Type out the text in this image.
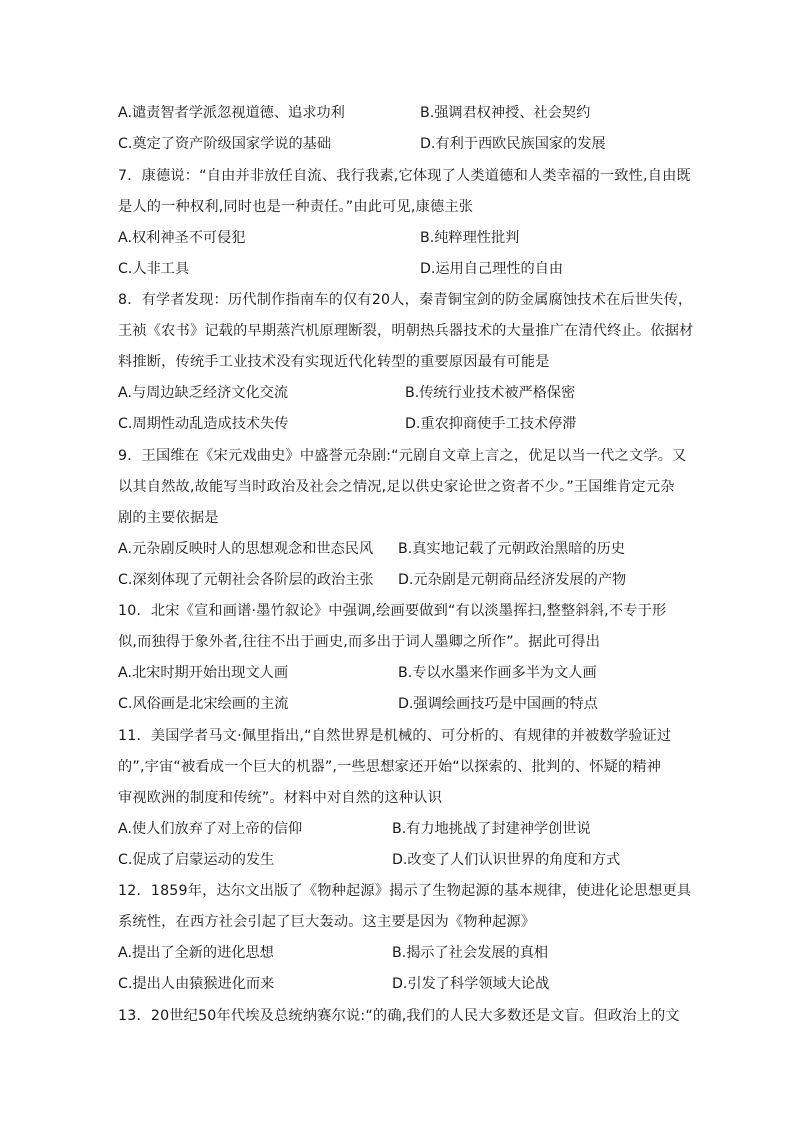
A.谴责智者学派忽视道德、追求功利	B.强调君权神授、社会契约
C.奠定了资产阶级国家学说的基础	D.有利于西欧民族国家的发展
7．康德说：“自由并非放任自流、我行我素,它体现了人类道德和人类幸福的一致性,自由既
是人的一种权利,同时也是一种责任。”由此可见,康德主张
A.权利神圣不可侵犯	B.纯粹理性批判
C.人非工具	D.运用自己理性的自由
8．有学者发现：历代制作指南车的仅有20人，秦青铜宝剑的防金属腐蚀技术在后世失传，
王祯《农书》记载的早期蒸汽机原理断裂，明朝热兵器技术的大量推广在清代终止。依据材
料推断，传统手工业技术没有实现近代化转型的重要原因最有可能是
A.与周边缺乏经济文化交流	B.传统行业技术被严格保密
C.周期性动乱造成技术失传	D.重农抑商使手工技术停滞
9．王国维在《宋元戏曲史》中盛誉元杂剧:“元剧自文章上言之，优足以当一代之文学。又
以其自然故,故能写当时政治及社会之情况,足以供史家论世之资者不少。”王国维肯定元杂
剧的主要依据是
A.元杂剧反映时人的思想观念和世态民风 B.真实地记载了元朝政治黑暗的历史
C.深刻体现了元朝社会各阶层的政治主张 D.元杂剧是元朝商品经济发展的产物
10．北宋《宣和画谱·墨竹叙论》中强调,绘画要做到“有以淡墨挥扫,整整斜斜,不专于形
似,而独得于象外者,往往不出于画史,而多出于词人墨卿之所作”。据此可得出
A.北宋时期开始出现文人画	B.专以水墨来作画多半为文人画
C.风俗画是北宋绘画的主流	D.强调绘画技巧是中国画的特点
11．美国学者马文·佩里指出,“自然世界是机械的、可分析的、有规律的并被数学验证过
的”,宇宙“被看成一个巨大的机器”,一些思想家还开始“以探索的、批判的、怀疑的精神
审视欧洲的制度和传统”。材料中对自然的这种认识
A.使人们放弃了对上帝的信仰	B.有力地挑战了封建神学创世说
C.促成了启蒙运动的发生	D.改变了人们认识世界的角度和方式
12．1859年，达尔文出版了《物种起源》揭示了生物起源的基本规律，使进化论思想更具
系统性，在西方社会引起了巨大轰动。这主要是因为《物种起源》
A.提出了全新的进化思想	B.揭示了社会发展的真相
C.提出人由猿猴进化而来	D.引发了科学领域大论战
13．20世纪50年代埃及总统纳赛尔说:“的确,我们的人民大多数还是文盲。但政治上的文
